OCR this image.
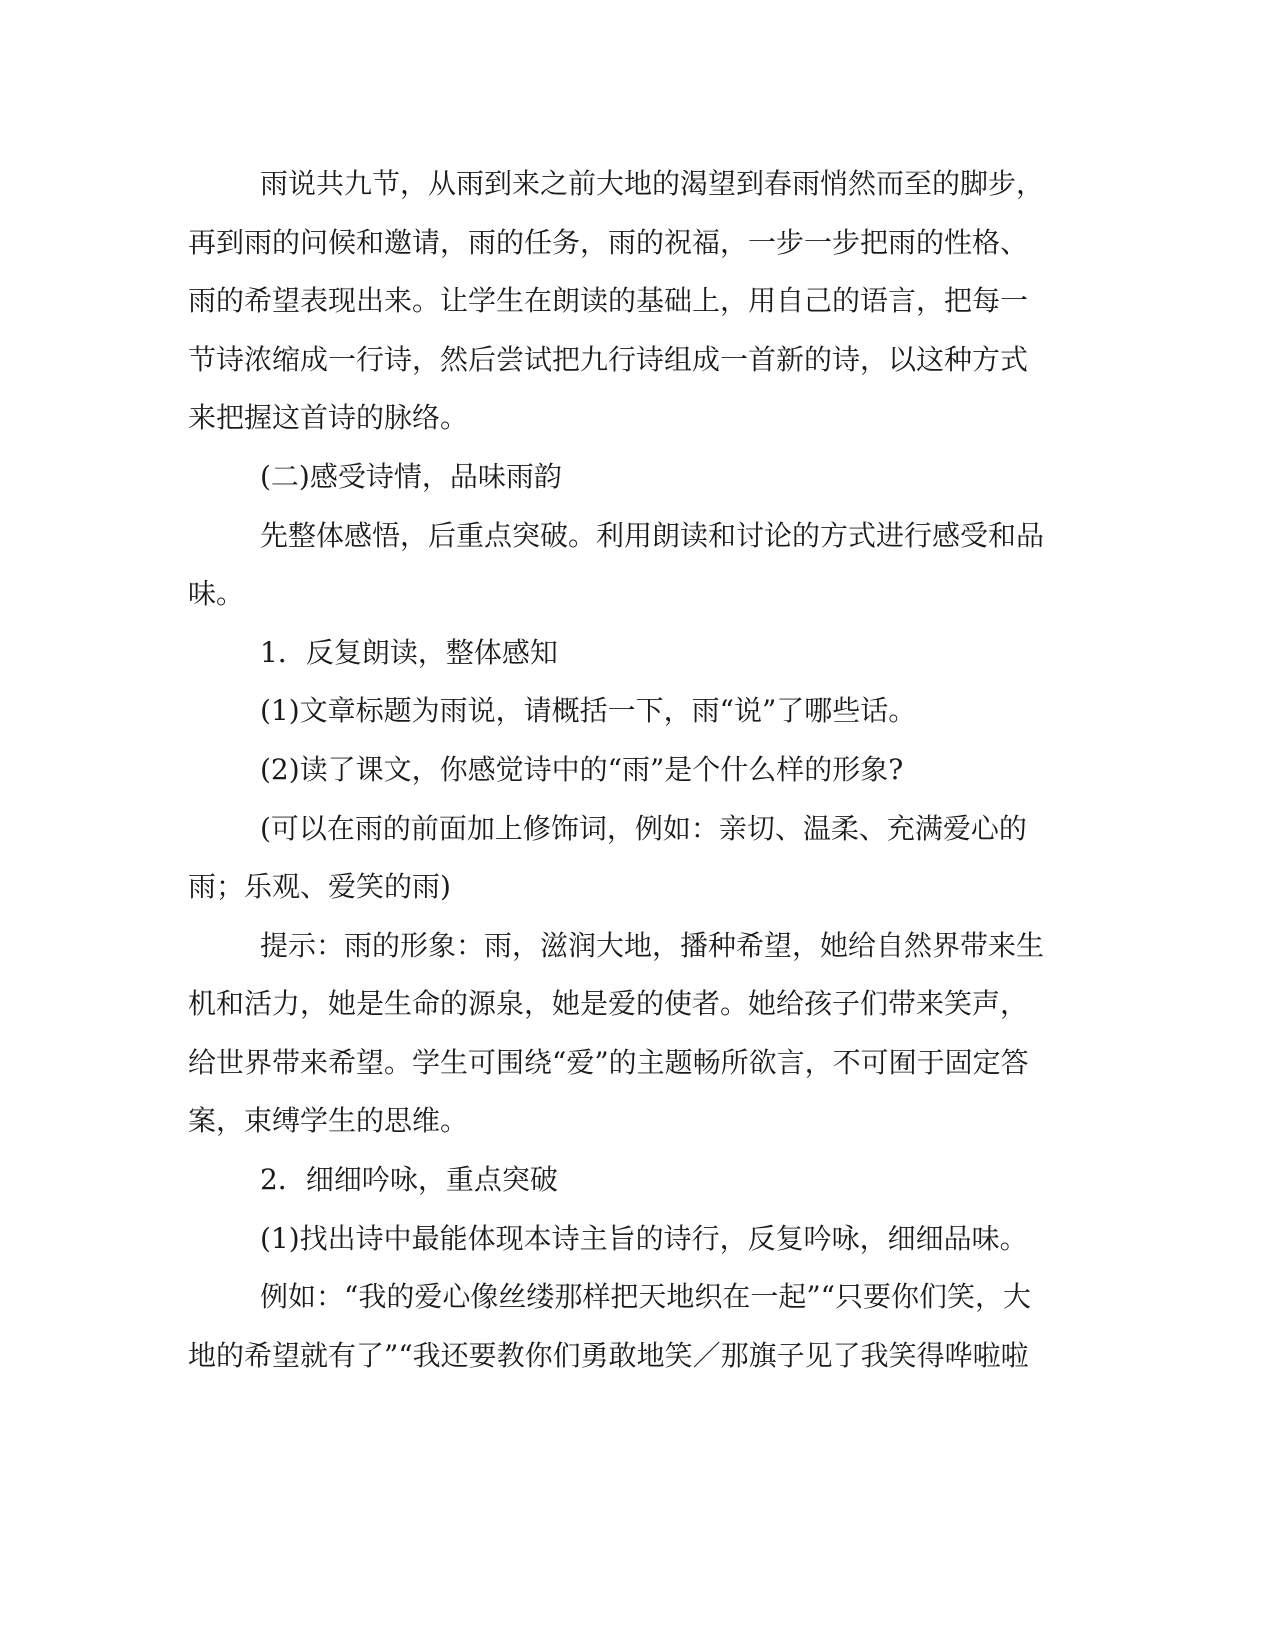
雨说共九节，从雨到来之前大地的渴望到春雨悄然而至的脚步，
再到雨的问候和邀请，雨的任务，雨的祝福，一步一步把雨的性格、
雨的希望表现出来。让学生在朗读的基础上，用自己的语言，把每一
节诗浓缩成一行诗，然后尝试把九行诗组成一首新的诗，以这种方式
来把握这首诗的脉络。
(二)感受诗情，品味雨韵
先整体感悟，后重点突破。利用朗读和讨论的方式进行感受和品
味。
1．反复朗读，整体感知
(1)文章标题为雨说，请概括一下，雨“说”了哪些话。
(2)读了课文，你感觉诗中的“雨”是个什么样的形象?
(可以在雨的前面加上修饰词，例如：亲切、温柔、充满爱心的
雨；乐观、爱笑的雨)
提示：雨的形象：雨，滋润大地，播种希望，她给自然界带来生
机和活力，她是生命的源泉，她是爱的使者。她给孩子们带来笑声，
给世界带来希望。学生可围绕“爱”的主题畅所欲言，不可囿于固定答
案，束缚学生的思维。
2．细细吟咏，重点突破
(1)找出诗中最能体现本诗主旨的诗行，反复吟咏，细细品味。
例如：“我的爱心像丝缕那样把天地织在一起”“只要你们笑，大
地的希望就有了”“我还要教你们勇敢地笑／那旗子见了我笑得哗啦啦
